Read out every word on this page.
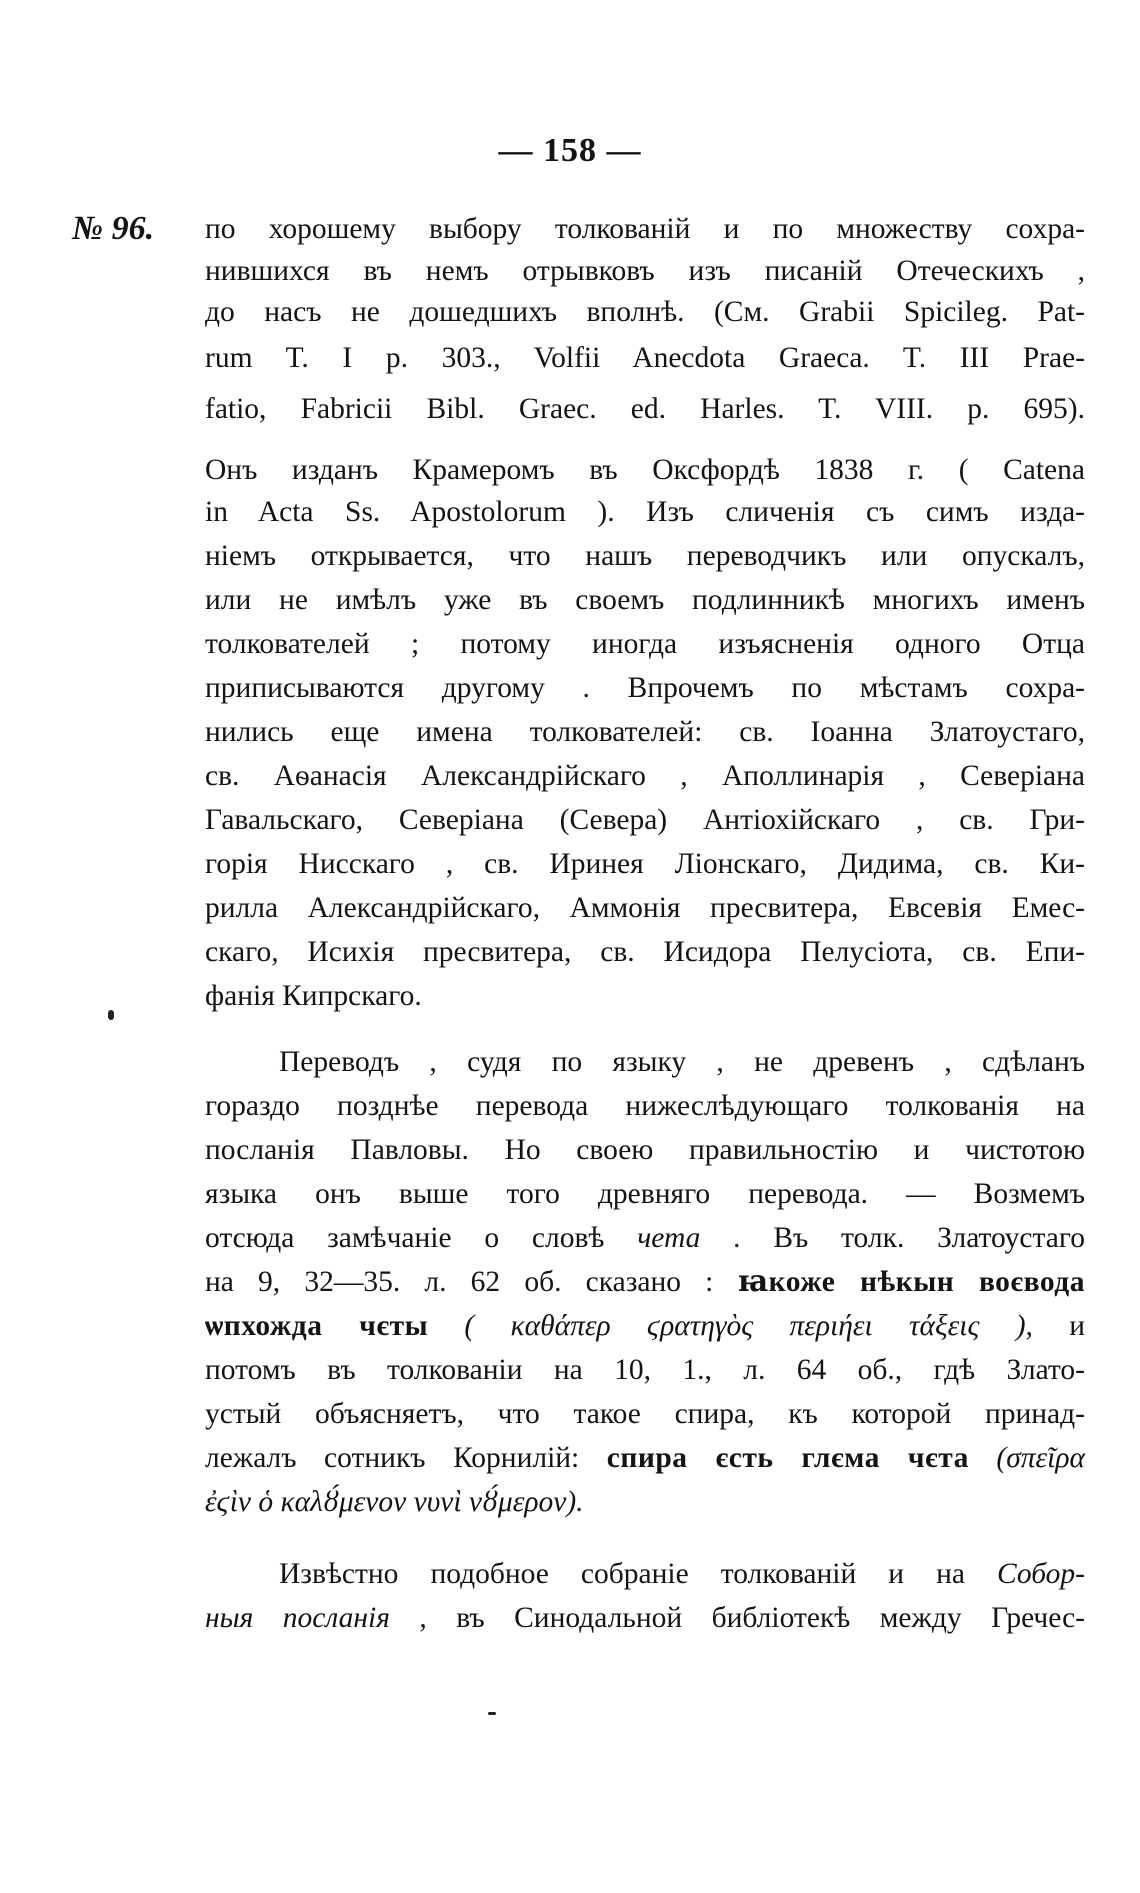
— 158 —
№ 96. по хорошему выбору толкованій и по множеству сохра-
нившихся въ немъ отрывковъ изъ писаній Отеческихъ ,
до насъ не дошедшихъ вполнѣ. (См. Grabii Spicileg. Pat-
rum T. I p. 303., Volfii Anecdota Graeca. T. III Prae-
fatio, Fabricii Bibl. Graec. ed. Harles. T. VIII. p. 695).
Онъ изданъ Крамеромъ въ Оксфордѣ 1838 г. ( Catena
in Acta Ss. Apostolorum ). Изъ сличенія съ симъ изда-
ніемъ открывается, что нашъ переводчикъ или опускалъ,
или не имѣлъ уже въ своемъ подлинникѣ многихъ именъ
толкователей ; потому иногда изъясненія одного Отца
приписываются другому . Впрочемъ по мѣстамъ сохра-
нились еще имена толкователей: св. Іоанна Златоустаго,
св. Аѳанасія Александрійскаго , Аполлинарія , Северіана
Гавальскаго, Северіана (Севера) Антіохійскаго , св. Гри-
горія Нисскаго , св. Иринея Ліонскаго, Дидима, св. Ки-
рилла Александрійскаго, Аммонія пресвитера, Евсевія Емес-
скаго, Исихія пресвитера, св. Исидора Пелусіота, св. Епи-
фанія Кипрскаго.
Переводъ , судя по языку , не древенъ , сдѣланъ
гораздо позднѣе перевода нижеслѣдующаго толкованія на
посланія Павловы. Но своею правильностію и чистотою
языка онъ выше того древняго перевода. — Возмемъ
отсюда замѣчаніе о словѣ чета . Въ толк. Златоустаго
на 9, 32—35. л. 62 об. сказано : ꙗкоже нѣкын воєвода
ѡпхожда чєты ( καθάπερ ϛρατηγὸς περιήει τάξεις ), и
потомъ въ толкованіи на 10, 1., л. 64 об., гдѣ Злато-
устый объясняетъ, что такое спира, къ которой принад-
лежалъ сотникъ Корнилій: спира єсть глєма чєта (σπεῖρα
ἐϛὶν ὁ καλȣ́μενον νυνὶ νȣ́μερον).
Извѣстно подобное собраніе толкованій и на Собор-
ныя посланія , въ Синодальной библіотекѣ между Гречес-
